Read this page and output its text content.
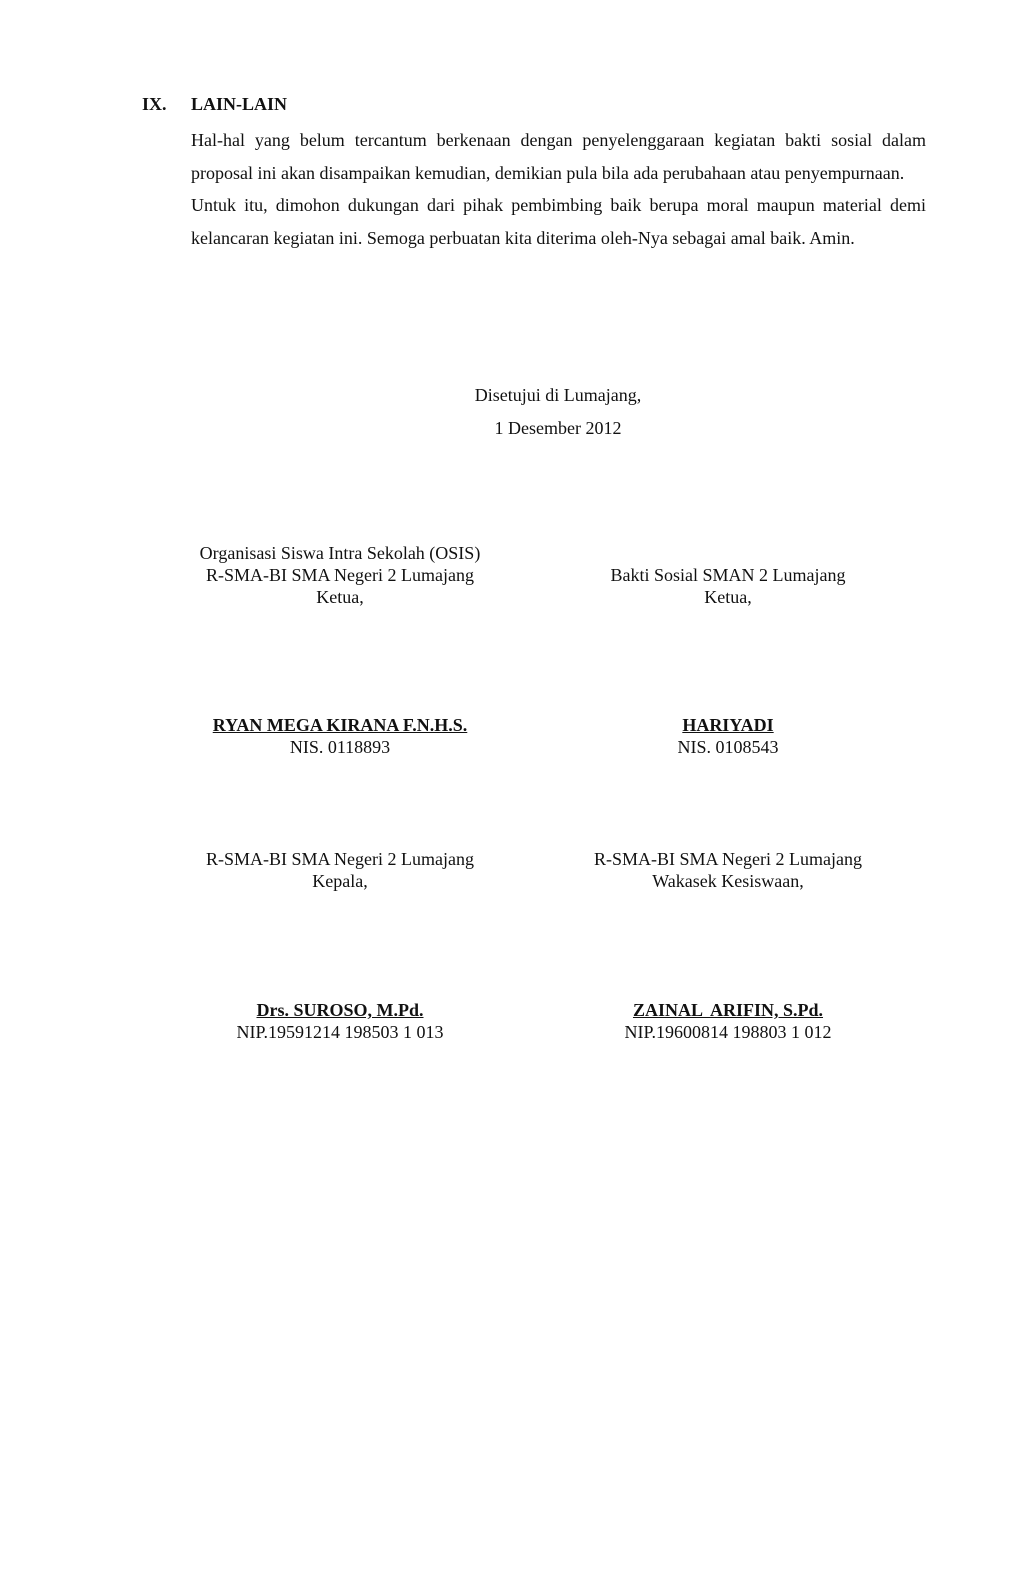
IX. LAIN-LAIN

Hal-hal yang belum tercantum berkenaan dengan penyelenggaraan kegiatan bakti sosial dalam proposal ini akan disampaikan kemudian, demikian pula bila ada perubahaan atau penyempurnaan.

Untuk itu, dimohon dukungan dari pihak pembimbing baik berupa moral maupun material demi kelancaran kegiatan ini. Semoga perbuatan kita diterima oleh-Nya sebagai amal baik. Amin.

Disetujui di Lumajang,
1 Desember 2012
Organisasi Siswa Intra Sekolah (OSIS)
R-SMA-BI SMA Negeri 2 Lumajang
Ketua,
RYAN MEGA KIRANA F.N.H.S.
NIS. 0118893
Bakti Sosial SMAN 2 Lumajang
Ketua,
HARIYADI
NIS. 0108543
R-SMA-BI SMA Negeri 2 Lumajang
Kepala,
Drs. SUROSO, M.Pd.
NIP.19591214 198503 1 013
R-SMA-BI SMA Negeri 2 Lumajang
Wakasek Kesiswaan,
ZAINAL  ARIFIN, S.Pd.
NIP.19600814 198803 1 012
